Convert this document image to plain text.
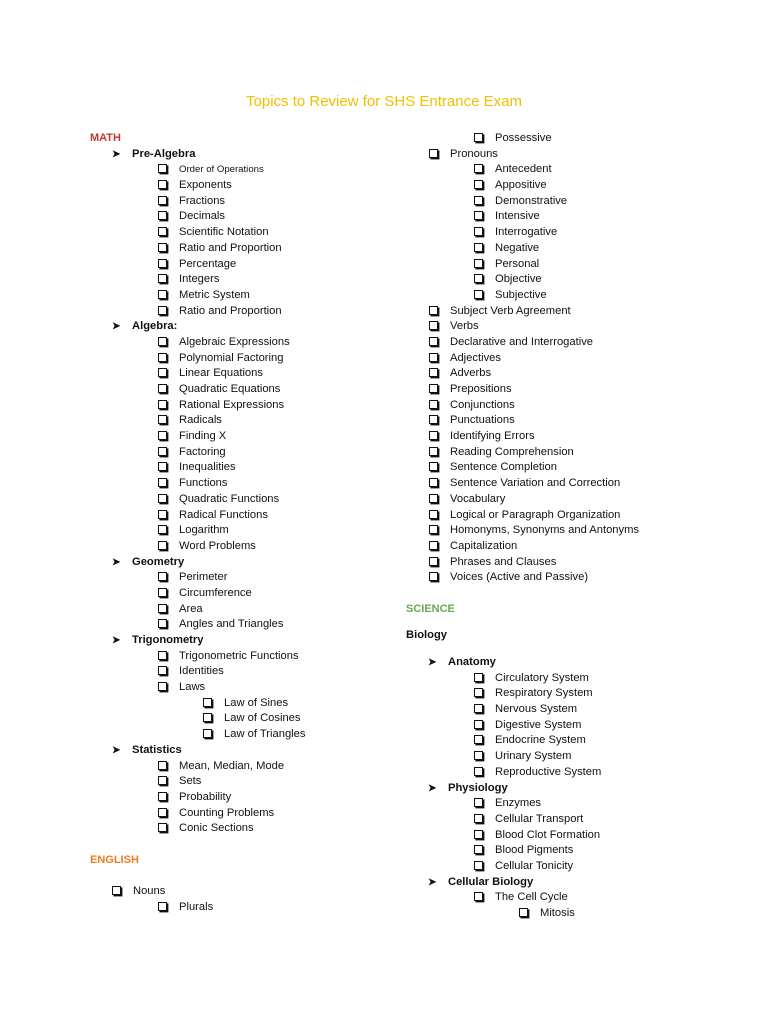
Topics to Review for SHS Entrance Exam
MATH
➤ Pre-Algebra
Order of Operations
Exponents
Fractions
Decimals
Scientific Notation
Ratio and Proportion
Percentage
Integers
Metric System
Ratio and Proportion
➤ Algebra:
Algebraic Expressions
Polynomial Factoring
Linear Equations
Quadratic Equations
Rational Expressions
Radicals
Finding X
Factoring
Inequalities
Functions
Quadratic Functions
Radical Functions
Logarithm
Word Problems
➤ Geometry
Perimeter
Circumference
Area
Angles and Triangles
➤ Trigonometry
Trigonometric Functions
Identities
Laws
Law of Sines
Law of Cosines
Law of Triangles
➤ Statistics
Mean, Median, Mode
Sets
Probability
Counting Problems
Conic Sections
ENGLISH
Nouns
Plurals
Possessive
Pronouns
Antecedent
Appositive
Demonstrative
Intensive
Interrogative
Negative
Personal
Objective
Subjective
Subject Verb Agreement
Verbs
Declarative and Interrogative
Adjectives
Adverbs
Prepositions
Conjunctions
Punctuations
Identifying Errors
Reading Comprehension
Sentence Completion
Sentence Variation and Correction
Vocabulary
Logical or Paragraph Organization
Homonyms, Synonyms and Antonyms
Capitalization
Phrases and Clauses
Voices (Active and Passive)
SCIENCE
Biology
➤ Anatomy
Circulatory System
Respiratory System
Nervous System
Digestive System
Endocrine System
Urinary System
Reproductive System
➤ Physiology
Enzymes
Cellular Transport
Blood Clot Formation
Blood Pigments
Cellular Tonicity
➤ Cellular Biology
The Cell Cycle
Mitosis
